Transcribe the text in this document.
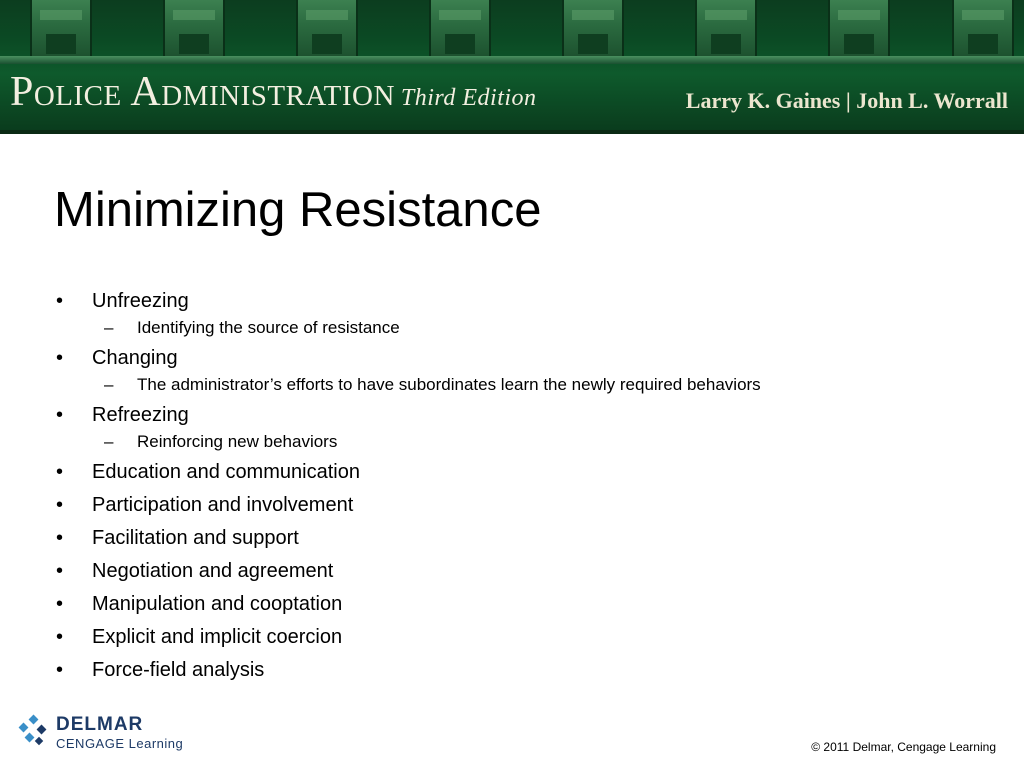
Police Administration Third Edition	Larry K. Gaines | John L. Worrall
Minimizing Resistance
• Unfreezing
– Identifying the source of resistance
• Changing
– The administrator’s efforts to have subordinates learn the newly required behaviors
• Refreezing
– Reinforcing new behaviors
• Education and communication
• Participation and involvement
• Facilitation and support
• Negotiation and agreement
• Manipulation and cooptation
• Explicit and implicit coercion
• Force-field analysis
DELMAR
CENGAGE Learning	© 2011 Delmar, Cengage Learning
